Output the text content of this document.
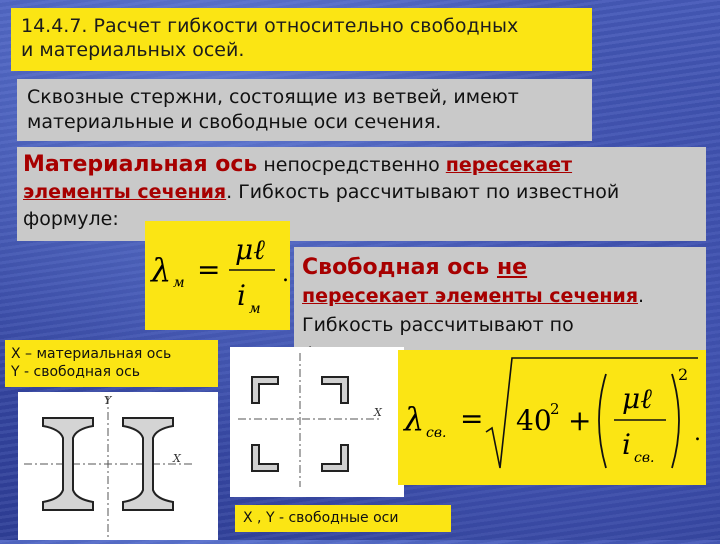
14.4.7. Расчет гибкости относительно свободных
и материальных осей.
Сквозные стержни, состоящие из ветвей, имеют
материальные и свободные оси сечения.
Материальная ось непосредственно пересекает
элементы сечения. Гибкость рассчитывают по известной
формуле:
λ м =
μℓ
i м
. Свободная ось не
пересекает элементы сечения.
Гибкость рассчитывают по
X – материальная ось
Y - свободная ось
Y
X
X
X , Y - свободные оси
λ св. = 40
2 +
μℓ
i св.
2
.
